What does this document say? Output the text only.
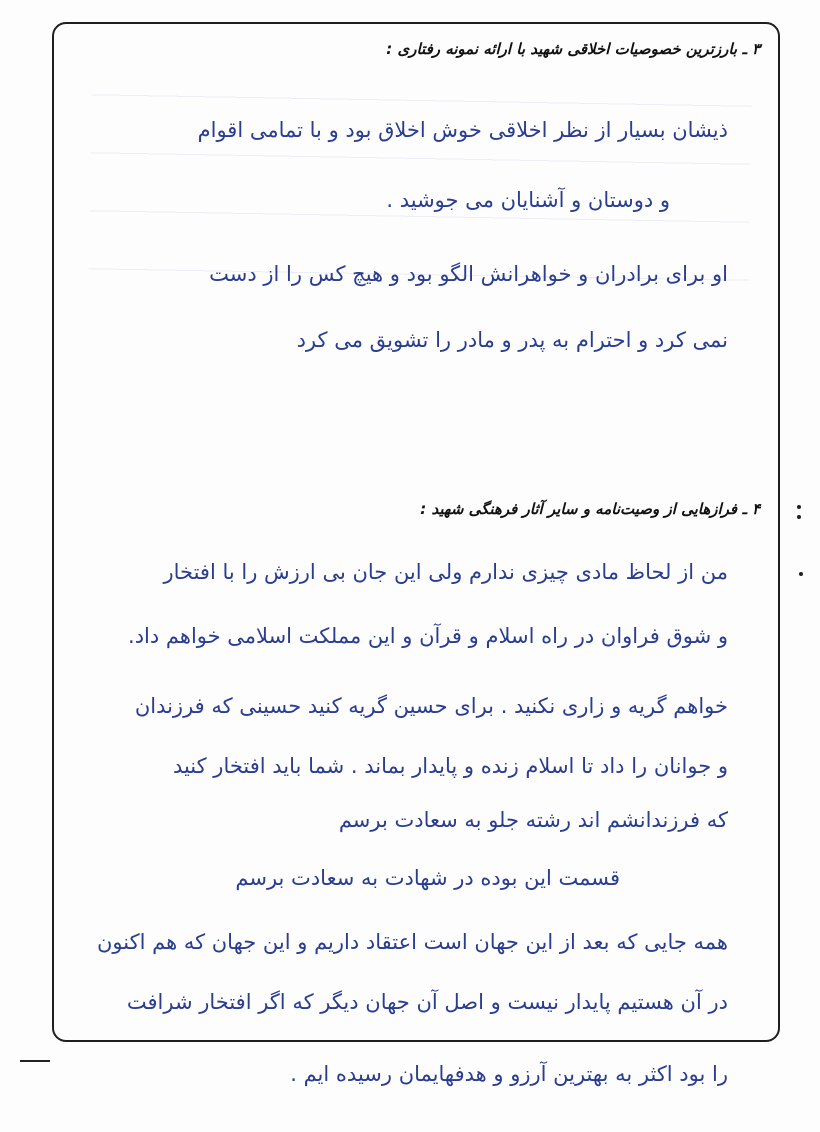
۳ ـ بارزترین خصوصیات اخلاقی شهید با ارائه نمونه رفتاری :
ذیشان بسیار از نظر اخلاقی خوش اخلاق بود و با تمامی اقوام
و دوستان و آشنایان می جوشید .
او برای برادران و خواهرانش الگو بود و هیچ کس را از دست
نمی کرد و احترام به پدر و مادر را تشویق می کرد
۴ ـ فرازهایی از وصیت‌نامه و سایر آثار فرهنگی شهید :
من از لحاظ مادی چیزی ندارم ولی این جان بی ارزش را با افتخار
و شوق فراوان در راه اسلام و قرآن و این مملکت اسلامی خواهم داد.
خواهم گریه و زاری نکنید . برای حسین گریه کنید حسینی که فرزندان
و جوانان را داد تا اسلام زنده و پایدار بماند . شما باید افتخار کنید
که فرزندانشم اند رشته جلو به سعادت برسم
قسمت این بوده در شهادت به سعادت برسم
همه جایی که بعد از این جهان است اعتقاد داریم و این جهان که هم اکنون
در آن هستیم پایدار نیست و اصل آن جهان دیگر که اگر افتخار شرافت
را بود اکثر به بهترین آرزو و هدفهایمان رسیده ایم .
